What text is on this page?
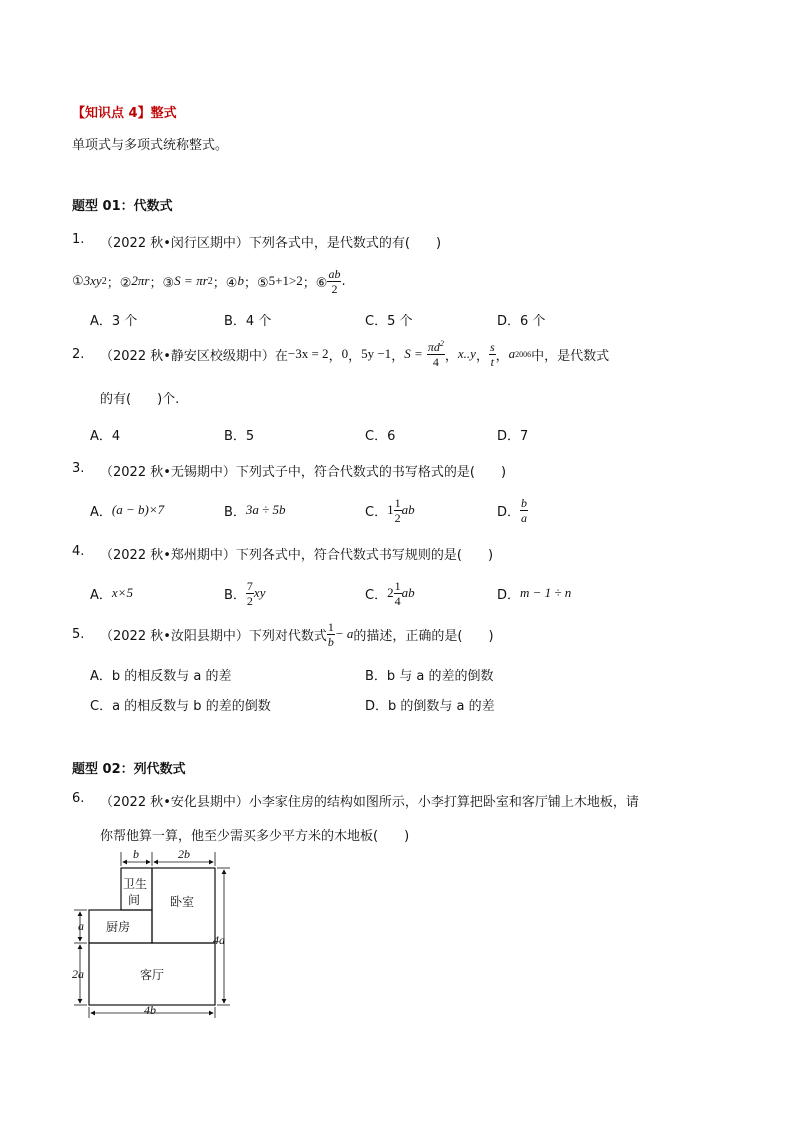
【知识点 4】整式
单项式与多项式统称整式。
题型 01：代数式
1. （2022 秋•闵行区期中）下列各式中，是代数式的有(　　)
① 3xy 2 ；② 2πr ；③ S
=
πr 2 ；④ b ；⑤ 5+1>2 ；⑥ $\frac{ab}{2}$ .
A．3 个	B．4 个	C．5 个	D．6 个
2. （2022 秋•静安区校级期中）在 −3x = 2 ， 0 ， 5y −1 ， S =
$\frac{\pi d^2}{4}$ ， x..y ， $\frac{s}{t}$ ， a 2006 中，是代数式
的有(　　)个.
A．4	B．5	C．6	D．7
3. （2022 秋•无锡期中）下列式子中，符合代数式的书写格式的是(　　)
A． (a − b)×7	B． 3a ÷ 5b	C． $1 \frac{1}{2}$ ab	D． $\frac{b}{a}$
4. （2022 秋•郑州期中）下列各式中，符合代数式书写规则的是(　　)
A． x×5	B． $\frac{7}{2}$ xy	C． $2 \frac{1}{4}$ ab	D． m − 1 ÷ n
5. （2022 秋•汝阳县期中）下列对代数式 $\frac{1}{b} - a$ 的描述，正确的是(　　)
A．b 的相反数与 a 的差	B．b 与 a 的差的倒数
C．a 的相反数与 b 的差的倒数	D．b 的倒数与 a 的差
题型 02：列代数式
6. （2022 秋•安化县期中）小李家住房的结构如图所示，小李打算把卧室和客厅铺上木地板，请
你帮他算一算，他至少需买多少平方米的木地板(　　)
b	2b
a
2a
4a
4b
卫生
间 卧室
厨房
客厅
